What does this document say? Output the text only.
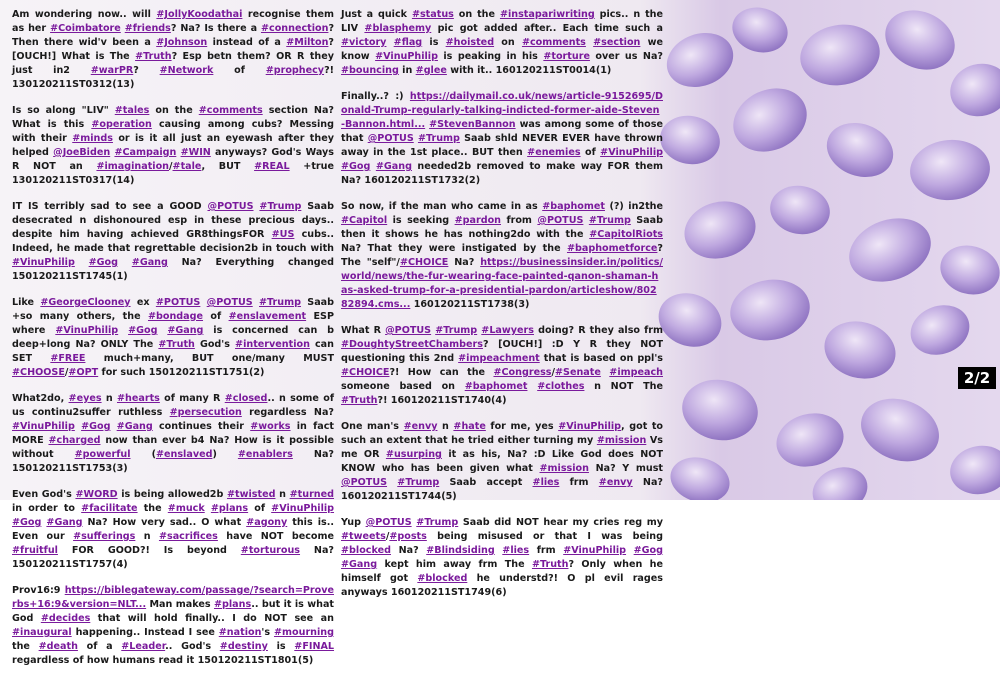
Am wondering now.. will #JollyKoodathai recognise them as her #Coimbatore #friends? Na? Is there a #connection? Then there wid'v been a #Johnson instead of a #Milton? [OUCH!] What is The #Truth? Esp betn them? OR R they just in2 #warPR? #Network of #prophecy?! 130120211ST0312(13)

Is so along "LIV" #tales on the #comments section Na? What is this #operation causing among cubs? Messing with their #minds or is it all just an eyewash after they helped @JoeBiden #Campaign #WIN anyways? God's Ways R NOT an #imagination/#tale, BUT #REAL +true 130120211ST0317(14)

IT IS terribly sad to see a GOOD @POTUS #Trump Saab desecrated n dishonoured esp in these precious days.. despite him having achieved GR8thingsFOR #US cubs.. Indeed, he made that regrettable decision2b in touch with #VinuPhilip #Gog #Gang Na? Everything changed 150120211ST1745(1)

Like #GeorgeClooney ex #POTUS @POTUS #Trump Saab +so many others, the #bondage of #enslavement ESP where #VinuPhilip #Gog #Gang is concerned can b deep+long Na? ONLY The #Truth God's #intervention can SET #FREE much+many, BUT one/many MUST #CHOOSE/#OPT for such 150120211ST1751(2)

What2do, #eyes n #hearts of many R #closed.. n some of us continu2suffer ruthless #persecution regardless Na? #VinuPhilip #Gog #Gang continues their #works in fact MORE #charged now than ever b4 Na? How is it possible without #powerful (#enslaved) #enablers Na? 150120211ST1753(3)

Even God's #WORD is being allowed2b #twisted n #turned in order to #facilitate the #muck #plans of #VinuPhilip #Gog #Gang Na? How very sad.. O what #agony this is.. Even our #sufferings n #sacrifices have NOT become #fruitful FOR GOOD?! Is beyond #torturous Na? 150120211ST1757(4)

Prov16:9 https://biblegateway.com/passage/?search=Proverbs+16:9&version=NLT... Man makes #plans.. but it is what God #decides that will hold finally.. I do NOT see an #inaugural happening.. Instead I see #nation's #mourning the #death of a #Leader.. God's #destiny is #FINAL regardless of how humans read it 150120211ST1801(5)

Just a quick #status on the #instapariwriting pics.. n the LIV #blasphemy pic got added after.. Each time such a #victory #flag is #hoisted on #comments #section we know #VinuPhilip is peaking in his #torture over us Na? #bouncing in #glee with it.. 160120211ST0014(1)

Finally..? :) https://dailymail.co.uk/news/article-9152695/Donald-Trump-regularly-talking-indicted-former-aide-Steven-Bannon.html... #StevenBannon was among some of those that @POTUS #Trump Saab shld NEVER EVER have thrown away in the 1st place.. BUT then #enemies of #VinuPhilip #Gog #Gang needed2b removed to make way FOR them Na? 160120211ST1732(2)

So now, if the man who came in as #baphomet (?) in2the #Capitol is seeking #pardon from @POTUS #Trump Saab then it shows he has nothing2do with the #CapitolRiots Na? That they were instigated by the #baphometforce? The "self"/#CHOICE Na? https://businessinsider.in/politics/world/news/the-fur-wearing-face-painted-qanon-shaman-has-asked-trump-for-a-presidential-pardon/articleshow/80282894.cms... 160120211ST1738(3)

What R @POTUS #Trump #Lawyers doing? R they also frm #DoughtyStreetChambers? [OUCH!] :D Y R they NOT questioning this 2nd #impeachment that is based on ppl's #CHOICE?! How can the #Congress/#Senate #impeach someone based on #baphomet #clothes n NOT The #Truth?! 160120211ST1740(4)

One man's #envy n #hate for me, yes #VinuPhilip, got to such an extent that he tried either turning my #mission Vs me OR #usurping it as his, Na? :D Like God does NOT KNOW who has been given what #mission Na? Y must @POTUS #Trump Saab accept #lies frm #envy Na? 160120211ST1744(5)

Yup @POTUS #Trump Saab did NOT hear my cries reg my #tweets/#posts being misused or that I was being #blocked Na? #Blindsiding #lies frm #VinuPhilip #Gog #Gang kept him away frm The #Truth? Only when he himself got #blocked he understd?! O pl evil rages anyways 160120211ST1749(6)

2/2
